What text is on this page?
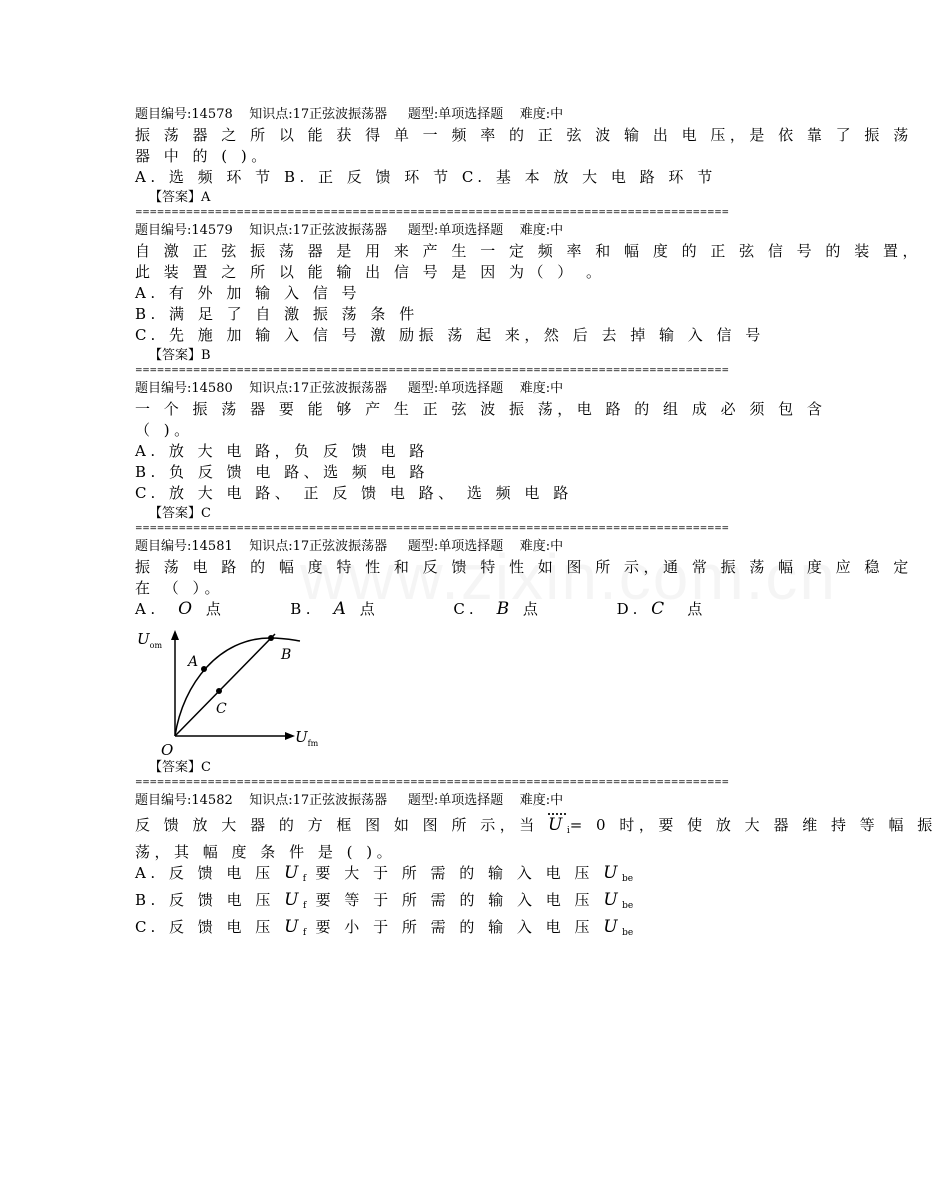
题目编号:14578    知识点:17正弦波振荡器     题型:单项选择题    难度:中
振 荡 器 之 所 以 能 获 得 单 一 频 率 的 正 弦 波 输 出 电 压，是 依 靠 了 振 荡
器 中 的 ( )。
A. 选 频 环 节 B. 正 反 馈 环 节 C. 基 本 放 大 电 路 环 节
【答案】A
==================================================================================
题目编号:14579    知识点:17正弦波振荡器     题型:单项选择题    难度:中
自 激 正 弦 振 荡 器 是 用 来 产 生 一 定 频 率 和 幅 度 的 正 弦 信 号 的 装 置，
此 装 置 之 所 以 能 输 出 信 号 是 因 为（ ） 。
A. 有 外 加 输 入 信 号
B. 满 足 了 自 激 振 荡 条 件
C. 先 施 加 输 入 信 号 激 励振 荡 起 来，然 后 去 掉 输 入 信 号
【答案】B
==================================================================================
题目编号:14580    知识点:17正弦波振荡器     题型:单项选择题    难度:中
一 个 振 荡 器 要 能 够 产 生 正 弦 波 振 荡，电 路 的 组 成 必 须 包 含
（ )。
A. 放 大 电 路，负 反 馈 电 路
B. 负 反 馈 电 路、选 频 电 路
C. 放 大 电 路、 正 反 馈 电 路、 选 频 电 路
【答案】C
==================================================================================
题目编号:14581    知识点:17正弦波振荡器     题型:单项选择题    难度:中
振 荡 电 路 的 幅 度 特 性 和 反 馈 特 性 如 图 所 示，通 常 振 荡 幅 度 应 稳 定
在 （ ）。
A. O 点	B. A 点	C. B 点	D. C 点
$U_{om}$
$U_{fm}$
O
A	B
C
【答案】C
==================================================================================
题目编号:14582    知识点:17正弦波振荡器     题型:单项选择题    难度:中
反 馈 放 大 器 的 方 框 图 如 图 所 示，当 $U_i= 0$ 时，要 使 放 大 器 维 持 等 幅 振
荡，其 幅 度 条 件 是 ( )。
A. 反 馈 电 压 $U_f$ 要 大 于 所 需 的 输 入 电 压 $U_{be}$
B. 反 馈 电 压 $U_f$ 要 等 于 所 需 的 输 入 电 压 $U_{be}$
C. 反 馈 电 压 $U_f$ 要 小 于 所 需 的 输 入 电 压 $U_{be}$
